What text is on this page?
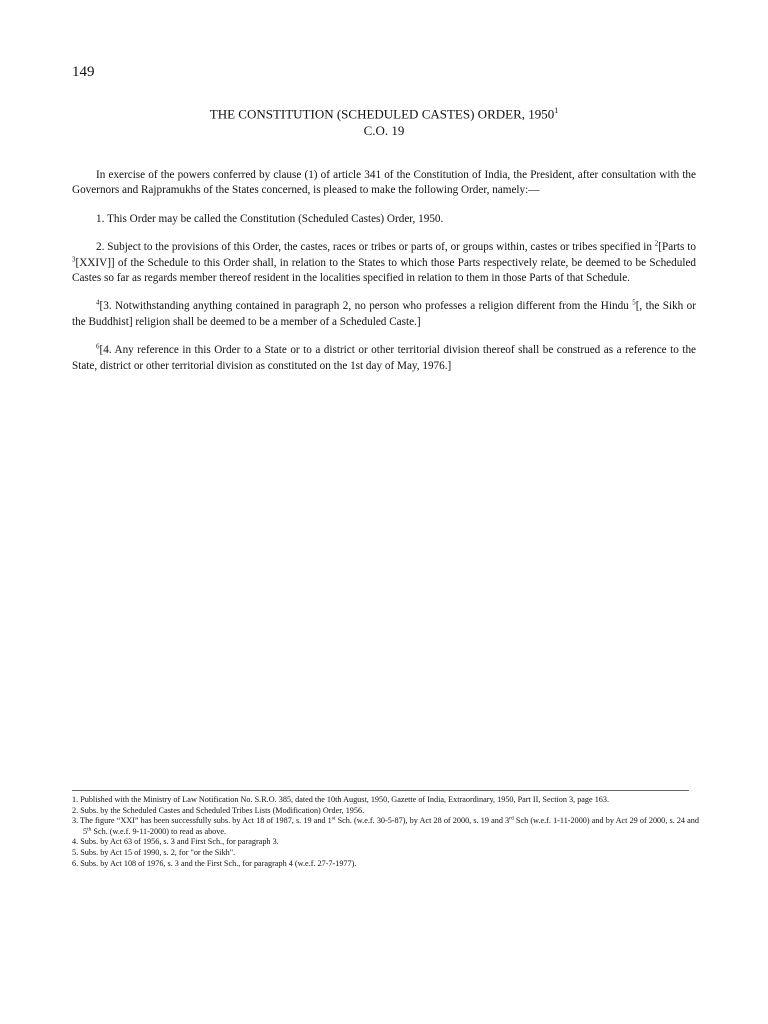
149
THE CONSTITUTION (SCHEDULED CASTES) ORDER, 1950$^1$
C.O. 19

In exercise of the powers conferred by clause (1) of article 341 of the Constitution of India, the President, after consultation with the Governors and Rajpramukhs of the States concerned, is pleased to make the following Order, namely:—

1. This Order may be called the Constitution (Scheduled Castes) Order, 1950.

2. Subject to the provisions of this Order, the castes, races or tribes or parts of, or groups within, castes or tribes specified in $^2$[Parts to $^3$[XXIV]] of the Schedule to this Order shall, in relation to the States to which those Parts respectively relate, be deemed to be Scheduled Castes so far as regards member thereof resident in the localities specified in relation to them in those Parts of that Schedule.

$^4$[3. Notwithstanding anything contained in paragraph 2, no person who professes a religion different from the Hindu $^5$[, the Sikh or the Buddhist] religion shall be deemed to be a member of a Scheduled Caste.]

$^6$[4. Any reference in this Order to a State or to a district or other territorial division thereof shall be construed as a reference to the State, district or other territorial division as constituted on the 1st day of May, 1976.]

1. Published with the Ministry of Law Notification No. S.R.O. 385, dated the 10th August, 1950, Gazette of India, Extraordinary, 1950, Part II, Section 3, page 163.

2. Subs. by the Scheduled Castes and Scheduled Tribes Lists (Modification) Order, 1956.

3. The figure “XXI” has been successfully subs. by Act 18 of 1987, s. 19 and 1st Sch. (w.e.f. 30-5-87), by Act 28 of 2000, s. 19 and 3rd Sch (w.e.f. 1-11-2000) and by Act 29 of 2000, s. 24 and 5th Sch. (w.e.f. 9-11-2000) to read as above.

4. Subs. by Act 63 of 1956, s. 3 and First Sch., for paragraph 3.

5. Subs. by Act 15 of 1990, s. 2, for "or the Sikh".

6. Subs. by Act 108 of 1976, s. 3 and the First Sch., for paragraph 4 (w.e.f. 27-7-1977).
